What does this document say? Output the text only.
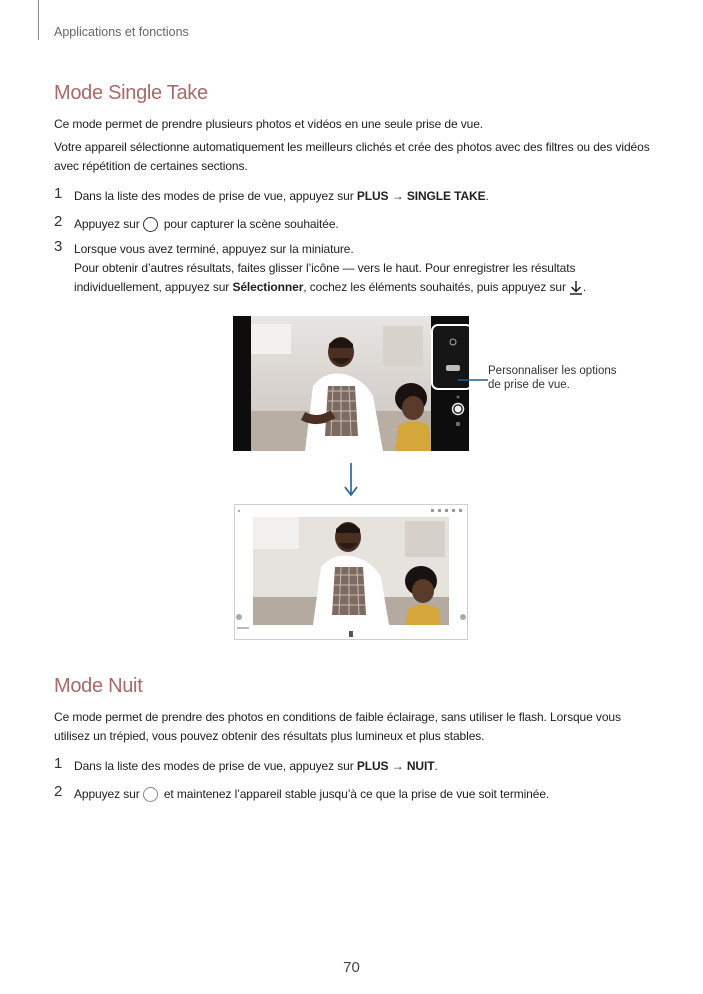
Applications et fonctions
Mode Single Take
Ce mode permet de prendre plusieurs photos et vidéos en une seule prise de vue.
Votre appareil sélectionne automatiquement les meilleurs clichés et crée des photos avec des filtres ou des vidéos avec répétition de certaines sections.
1 Dans la liste des modes de prise de vue, appuyez sur PLUS → SINGLE TAKE.
2 Appuyez sur pour capturer la scène souhaitée.
3 Lorsque vous avez terminé, appuyez sur la miniature.
Pour obtenir d’autres résultats, faites glisser l’icône — vers le haut. Pour enregistrer les résultats individuellement, appuyez sur Sélectionner, cochez les éléments souhaités, puis appuyez sur .
Personnaliser les options
de prise de vue.
Mode Nuit
Ce mode permet de prendre des photos en conditions de faible éclairage, sans utiliser le flash. Lorsque vous utilisez un trépied, vous pouvez obtenir des résultats plus lumineux et plus stables.
1 Dans la liste des modes de prise de vue, appuyez sur PLUS → NUIT.
2 Appuyez sur et maintenez l’appareil stable jusqu’à ce que la prise de vue soit terminée.
70
